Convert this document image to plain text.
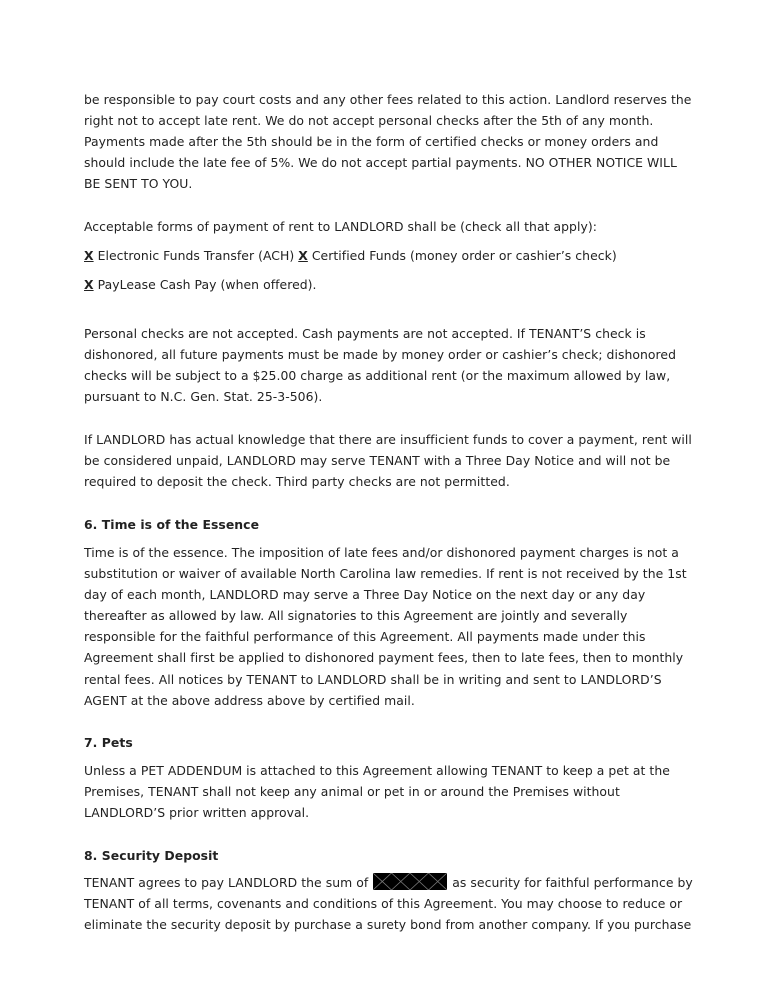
be responsible to pay court costs and any other fees related to this action. Landlord reserves the
right not to accept late rent. We do not accept personal checks after the 5th of any month.
Payments made after the 5th should be in the form of certified checks or money orders and
should include the late fee of 5%. We do not accept partial payments. NO OTHER NOTICE WILL
BE SENT TO YOU.
Acceptable forms of payment of rent to LANDLORD shall be (check all that apply):
X Electronic Funds Transfer (ACH) X Certified Funds (money order or cashier’s check)
X PayLease Cash Pay (when offered).
Personal checks are not accepted. Cash payments are not accepted. If TENANT’S check is
dishonored, all future payments must be made by money order or cashier’s check; dishonored
checks will be subject to a $25.00 charge as additional rent (or the maximum allowed by law,
pursuant to N.C. Gen. Stat. 25-3-506).
If LANDLORD has actual knowledge that there are insufficient funds to cover a payment, rent will
be considered unpaid, LANDLORD may serve TENANT with a Three Day Notice and will not be
required to deposit the check. Third party checks are not permitted.
6. Time is of the Essence
Time is of the essence. The imposition of late fees and/or dishonored payment charges is not a
substitution or waiver of available North Carolina law remedies. If rent is not received by the 1st
day of each month, LANDLORD may serve a Three Day Notice on the next day or any day
thereafter as allowed by law. All signatories to this Agreement are jointly and severally
responsible for the faithful performance of this Agreement. All payments made under this
Agreement shall first be applied to dishonored payment fees, then to late fees, then to monthly
rental fees. All notices by TENANT to LANDLORD shall be in writing and sent to LANDLORD’S
AGENT at the above address above by certified mail.
7. Pets
Unless a PET ADDENDUM is attached to this Agreement allowing TENANT to keep a pet at the
Premises, TENANT shall not keep any animal or pet in or around the Premises without
LANDLORD’S prior written approval.
8. Security Deposit
TENANT agrees to pay LANDLORD the sum of	as security for faithful performance by
TENANT of all terms, covenants and conditions of this Agreement. You may choose to reduce or
eliminate the security deposit by purchase a surety bond from another company. If you purchase
